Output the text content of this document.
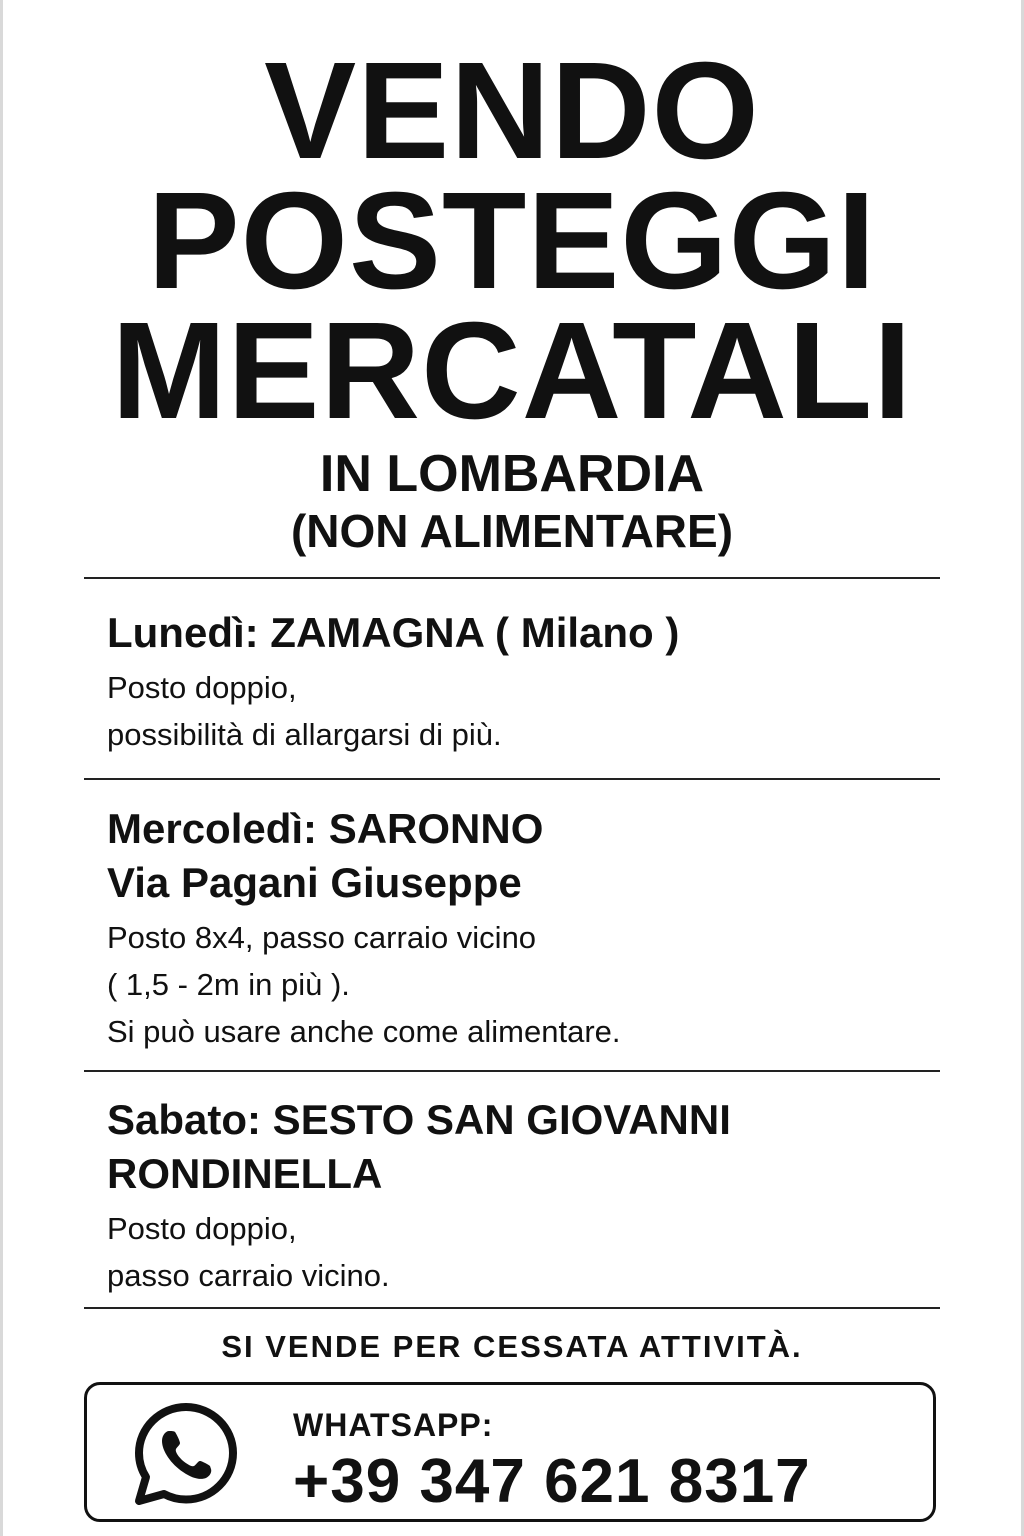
VENDO
POSTEGGI
MERCATALI
IN LOMBARDIA
(NON ALIMENTARE)

Lunedì: ZAMAGNA ( Milano )

Posto doppio,

possibilità di allargarsi di più.

Mercoledì: SARONNO

Via Pagani Giuseppe

Posto 8x4, passo carraio vicino

( 1,5 - 2m in più ).

Si può usare anche come alimentare.

Sabato: SESTO SAN GIOVANNI

RONDINELLA

Posto doppio,

passo carraio vicino.

SI VENDE PER CESSATA ATTIVITÀ.
WHATSAPP:
+39 347 621 8317
